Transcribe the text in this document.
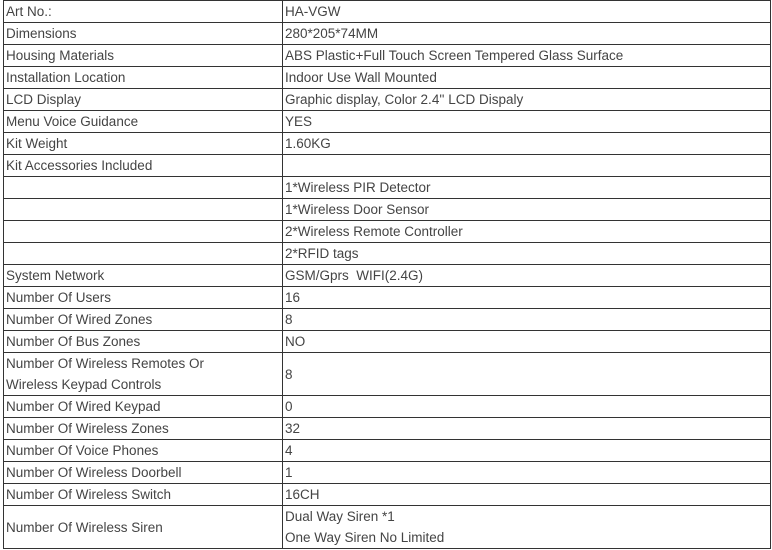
Art No.:	HA-VGW
Dimensions	280*205*74MM
Housing Materials	ABS Plastic+Full Touch Screen Tempered Glass Surface
Installation Location	Indoor Use Wall Mounted
LCD Display	Graphic display, Color 2.4'' LCD Dispaly
Menu Voice Guidance	YES
Kit Weight	1.60KG
Kit Accessories Included	
	1*Wireless PIR Detector
	1*Wireless Door Sensor
	2*Wireless Remote Controller
	2*RFID tags
System Network	GSM/Gprs  WIFI(2.4G)
Number Of Users	16
Number Of Wired Zones	8
Number Of Bus Zones	NO

Number Of Wireless Remotes Or
Wireless Keypad Controls	8
Number Of Wired Keypad	0
Number Of Wireless Zones	32
Number Of Voice Phones	4
Number Of Wireless Doorbell	1
Number Of Wireless Switch	16CH
Number Of Wireless Siren	Dual Way Siren *1
One Way Siren No Limited
